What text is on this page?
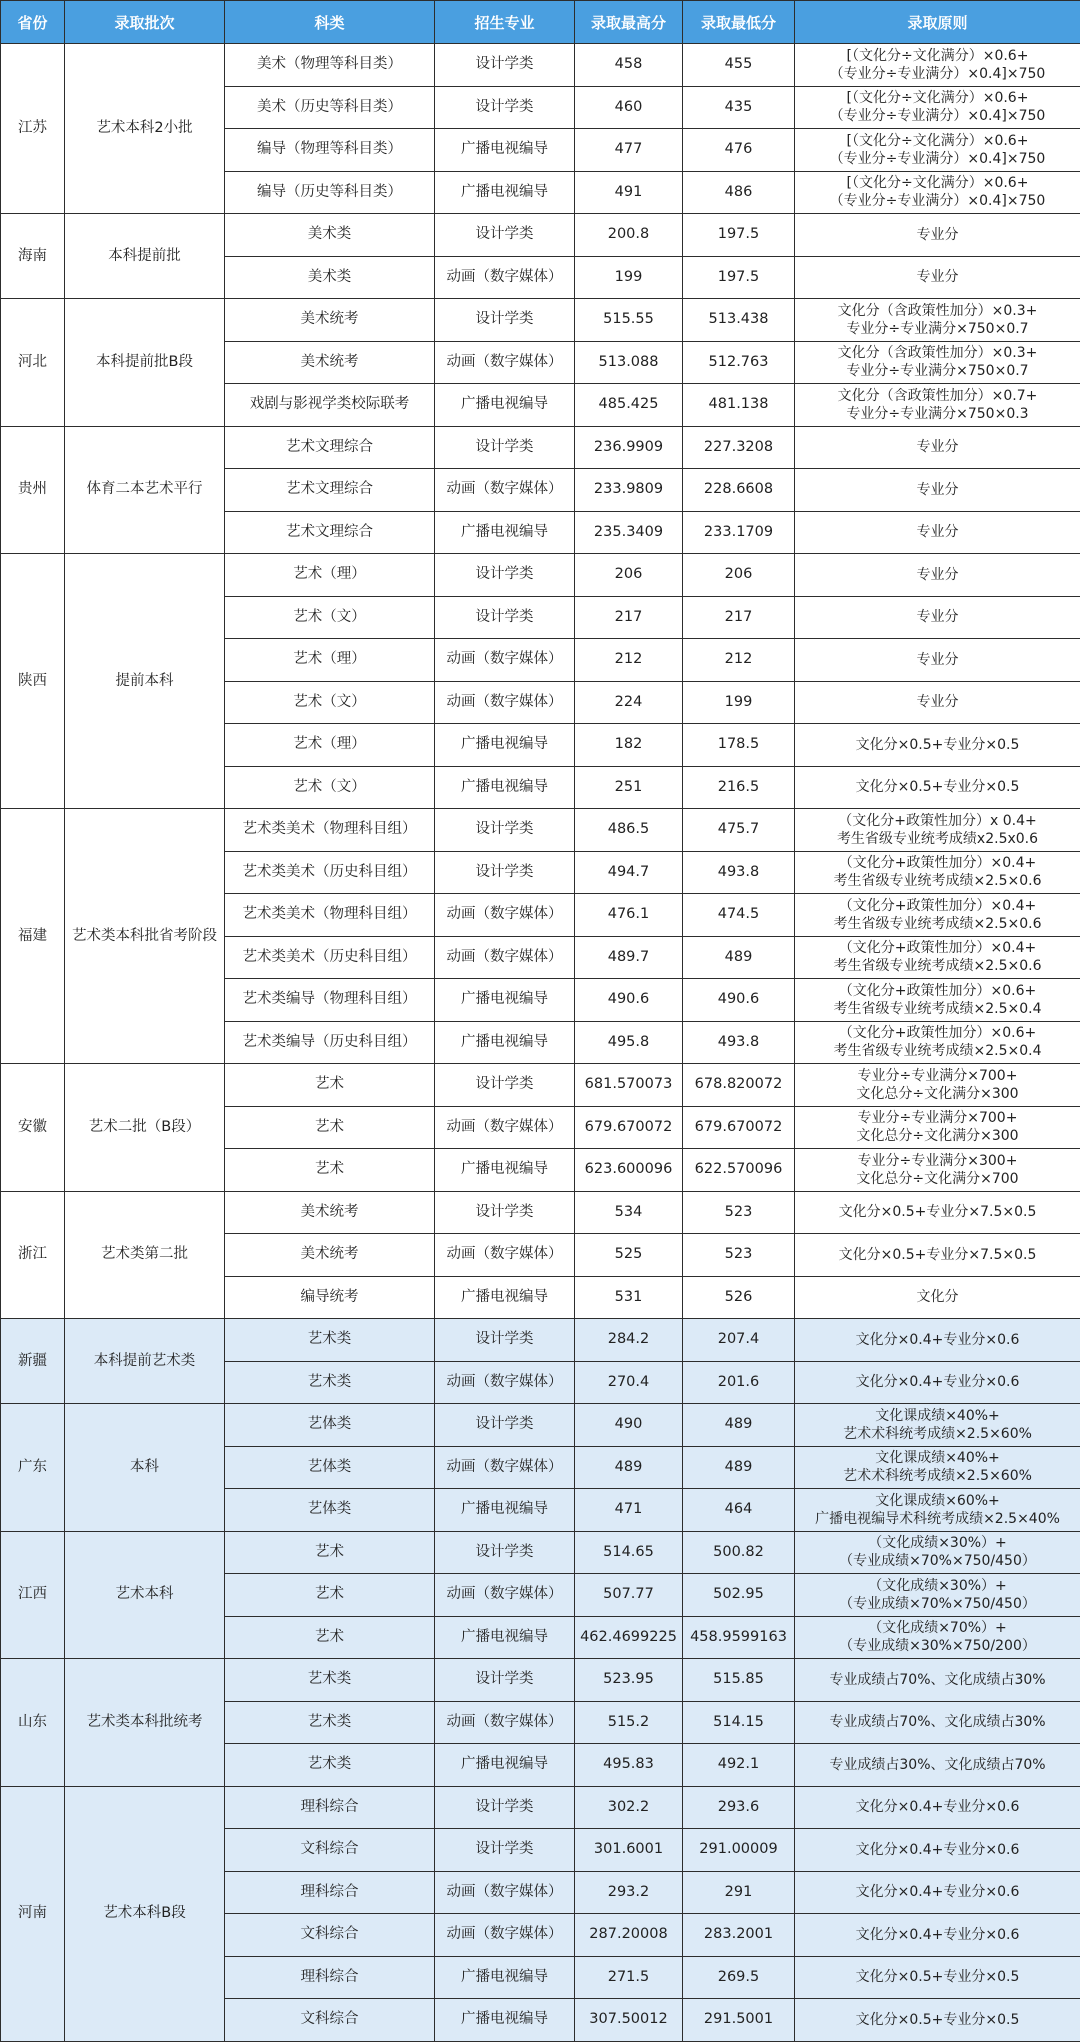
省份	录取批次	科类	招生专业	录取最高分	录取最低分	录取原则
江苏	艺术本科2小批	美术（物理等科目类）	设计学类	458	455	[（文化分÷文化满分）×0.6+
（专业分÷专业满分）×0.4]×750

		美术（历史等科目类）	设计学类	460	435	[（文化分÷文化满分）×0.6+
（专业分÷专业满分）×0.4]×750

		编导（物理等科目类）	广播电视编导	477	476	[（文化分÷文化满分）×0.6+
（专业分÷专业满分）×0.4]×750

		编导（历史等科目类）	广播电视编导	491	486	[（文化分÷文化满分）×0.6+
（专业分÷专业满分）×0.4]×750

海南	本科提前批	美术类	设计学类	200.8	197.5	专业分

		美术类	动画（数字媒体）	199	197.5	专业分

河北	本科提前批B段	美术统考	设计学类	515.55	513.438	文化分（含政策性加分）×0.3+
专业分÷专业满分×750×0.7

		美术统考	动画（数字媒体）	513.088	512.763	文化分（含政策性加分）×0.3+
专业分÷专业满分×750×0.7

		戏剧与影视学类校际联考	广播电视编导	485.425	481.138	文化分（含政策性加分）×0.7+
专业分÷专业满分×750×0.3

贵州	体育二本艺术平行	艺术文理综合	设计学类	236.9909	227.3208	专业分

		艺术文理综合	动画（数字媒体）	233.9809	228.6608	专业分

		艺术文理综合	广播电视编导	235.3409	233.1709	专业分

陕西	提前本科	艺术（理）	设计学类	206	206	专业分

		艺术（文）	设计学类	217	217	专业分

		艺术（理）	动画（数字媒体）	212	212	专业分

		艺术（文）	动画（数字媒体）	224	199	专业分

		艺术（理）	广播电视编导	182	178.5	文化分×0.5+专业分×0.5

		艺术（文）	广播电视编导	251	216.5	文化分×0.5+专业分×0.5

福建	艺术类本科批省考阶段	艺术类美术（物理科目组）	设计学类	486.5	475.7	（文化分+政策性加分）x 0.4+
考生省级专业统考成绩x2.5x0.6

		艺术类美术（历史科目组）	设计学类	494.7	493.8	（文化分+政策性加分）×0.4+
考生省级专业统考成绩×2.5×0.6

		艺术类美术（物理科目组）	动画（数字媒体）	476.1	474.5	（文化分+政策性加分）×0.4+
考生省级专业统考成绩×2.5×0.6

		艺术类美术（历史科目组）	动画（数字媒体）	489.7	489	（文化分+政策性加分）×0.4+
考生省级专业统考成绩×2.5×0.6

		艺术类编导（物理科目组）	广播电视编导	490.6	490.6	（文化分+政策性加分）×0.6+
考生省级专业统考成绩×2.5×0.4

		艺术类编导（历史科目组）	广播电视编导	495.8	493.8	（文化分+政策性加分）×0.6+
考生省级专业统考成绩×2.5×0.4

安徽	艺术二批（B段）	艺术	设计学类	681.570073	678.820072	专业分÷专业满分×700+
文化总分÷文化满分×300

		艺术	动画（数字媒体）	679.670072	679.670072	专业分÷专业满分×700+
文化总分÷文化满分×300

		艺术	广播电视编导	623.600096	622.570096	专业分÷专业满分×300+
文化总分÷文化满分×700

浙江	艺术类第二批	美术统考	设计学类	534	523	文化分×0.5+专业分×7.5×0.5

		美术统考	动画（数字媒体）	525	523	文化分×0.5+专业分×7.5×0.5

		编导统考	广播电视编导	531	526	文化分

新疆	本科提前艺术类	艺术类	设计学类	284.2	207.4	文化分×0.4+专业分×0.6

		艺术类	动画（数字媒体）	270.4	201.6	文化分×0.4+专业分×0.6

广东	本科	艺体类	设计学类	490	489	文化课成绩×40%+
艺术术科统考成绩×2.5×60%

		艺体类	动画（数字媒体）	489	489	文化课成绩×40%+
艺术术科统考成绩×2.5×60%

		艺体类	广播电视编导	471	464	文化课成绩×60%+
广播电视编导术科统考成绩×2.5×40%

江西	艺术本科	艺术	设计学类	514.65	500.82	（文化成绩×30%）+
（专业成绩×70%×750/450）

		艺术	动画（数字媒体）	507.77	502.95	（文化成绩×30%）+
（专业成绩×70%×750/450）

		艺术	广播电视编导	462.4699225	458.9599163	（文化成绩×70%）+
（专业成绩×30%×750/200）

山东	艺术类本科批统考	艺术类	设计学类	523.95	515.85	专业成绩占70%、文化成绩占30%

		艺术类	动画（数字媒体）	515.2	514.15	专业成绩占70%、文化成绩占30%

		艺术类	广播电视编导	495.83	492.1	专业成绩占30%、文化成绩占70%

河南	艺术本科B段	理科综合	设计学类	302.2	293.6	文化分×0.4+专业分×0.6

		文科综合	设计学类	301.6001	291.00009	文化分×0.4+专业分×0.6

		理科综合	动画（数字媒体）	293.2	291	文化分×0.4+专业分×0.6

		文科综合	动画（数字媒体）	287.20008	283.2001	文化分×0.4+专业分×0.6

		理科综合	广播电视编导	271.5	269.5	文化分×0.5+专业分×0.5

		文科综合	广播电视编导	307.50012	291.5001	文化分×0.5+专业分×0.5
